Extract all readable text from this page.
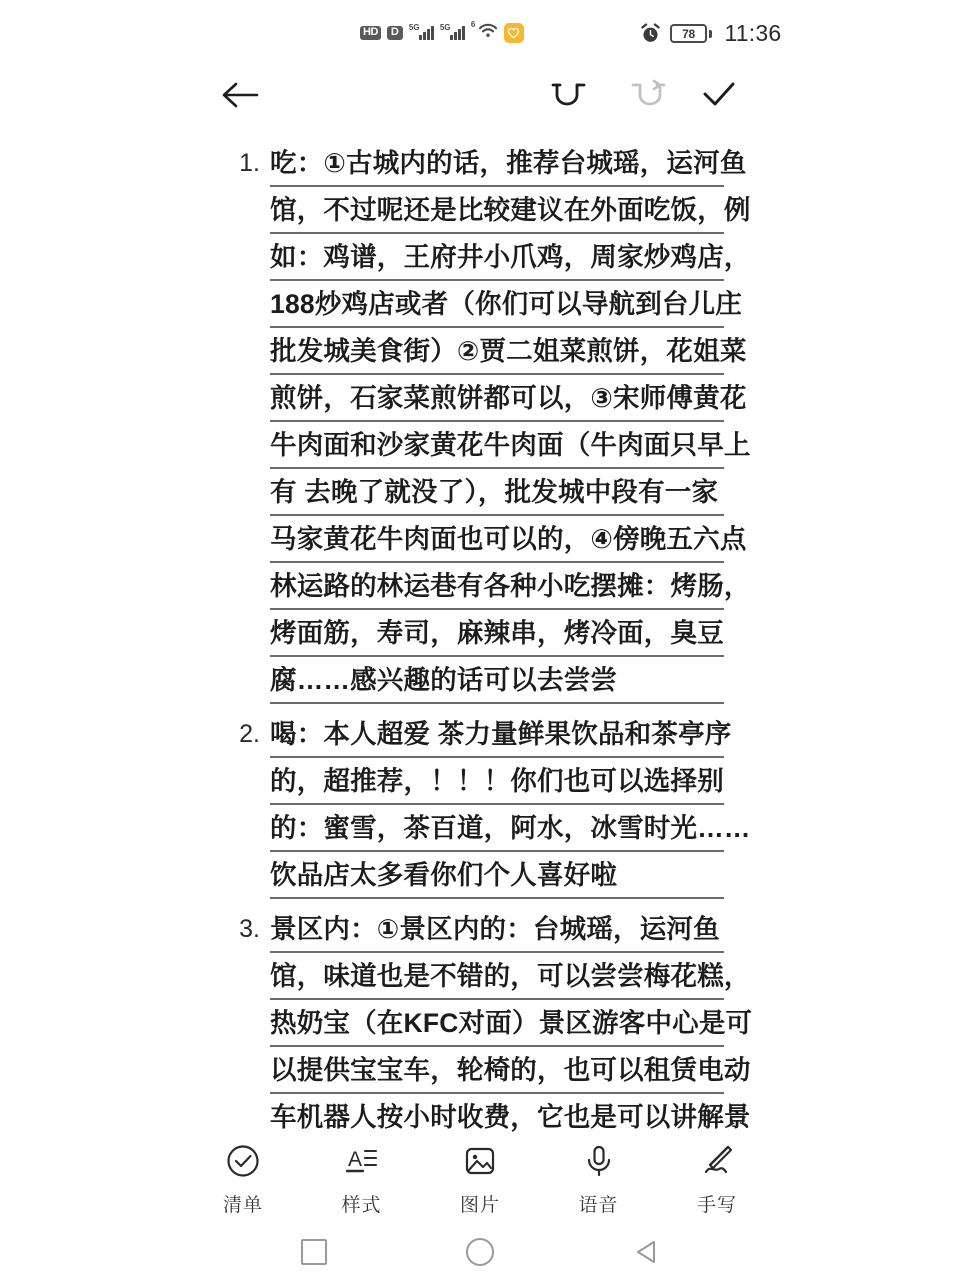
HD	D	5G	5G	6
78 11:36
1. 吃：①古城内的话，推荐台城瑶，运河鱼
馆，不过呢还是比较建议在外面吃饭，例
如：鸡谱，王府井小爪鸡，周家炒鸡店，
188炒鸡店或者（你们可以导航到台儿庄
批发城美食街）②贾二姐菜煎饼，花姐菜
煎饼，石家菜煎饼都可以，③宋师傅黄花
牛肉面和沙家黄花牛肉面（牛肉面只早上
有 去晚了就没了），批发城中段有一家
马家黄花牛肉面也可以的，④傍晚五六点
林运路的林运巷有各种小吃摆摊：烤肠，
烤面筋，寿司，麻辣串，烤冷面，臭豆
腐……感兴趣的话可以去尝尝
2. 喝：本人超爱 茶力量鲜果饮品和茶亭序
的，超推荐，！！！你们也可以选择别
的：蜜雪，茶百道，阿水，冰雪时光……
饮品店太多看你们个人喜好啦
3. 景区内：①景区内的：台城瑶，运河鱼
馆，味道也是不错的，可以尝尝梅花糕，
热奶宝（在KFC对面）景区游客中心是可
以提供宝宝车，轮椅的，也可以租赁电动
车机器人按小时收费，它也是可以讲解景
清单
A
样式	图片	语音	手写
